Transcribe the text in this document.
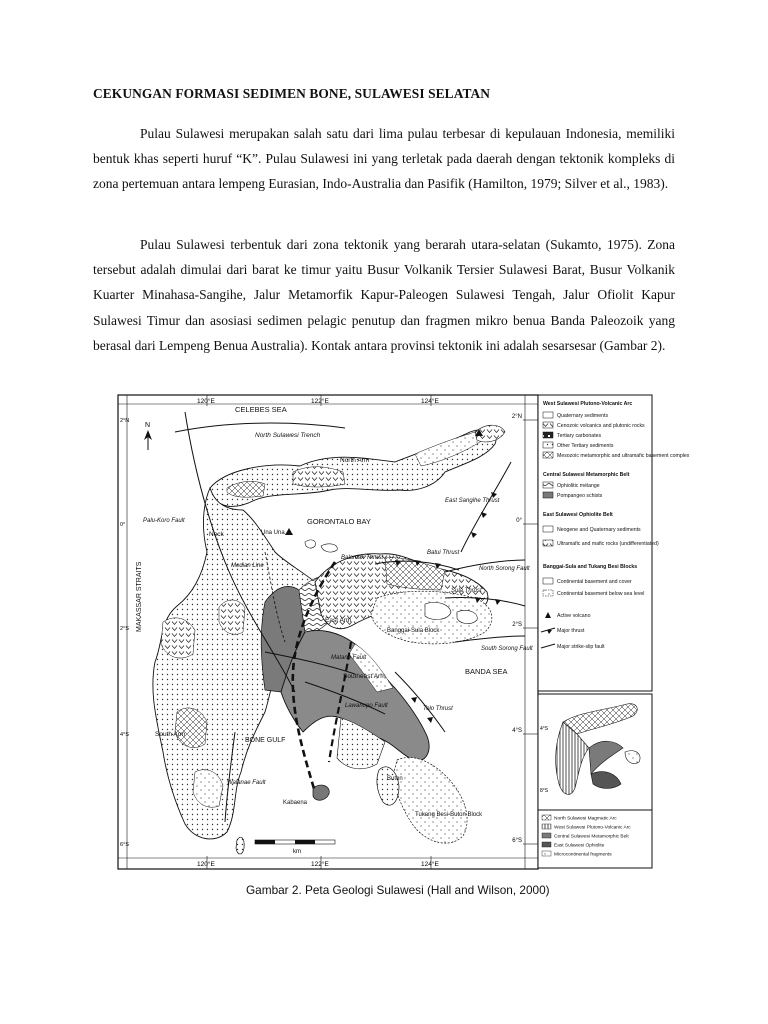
CEKUNGAN FORMASI SEDIMEN BONE, SULAWESI SELATAN
Pulau Sulawesi merupakan salah satu dari lima pulau terbesar di kepulauan Indonesia, memiliki bentuk khas seperti huruf “K”. Pulau Sulawesi ini yang terletak pada daerah dengan tektonik kompleks di zona pertemuan antara lempeng Eurasian, Indo-Australia dan Pasifik (Hamilton, 1979; Silver et al., 1983).
Pulau Sulawesi terbentuk dari zona tektonik yang berarah utara-selatan (Sukamto, 1975). Zona tersebut adalah dimulai dari barat ke timur yaitu Busur Volkanik Tersier Sulawesi Barat, Busur Volkanik Kuarter Minahasa-Sangihe, Jalur Metamorfik Kapur-Paleogen Sulawesi Tengah, Jalur Ofiolit Kapur Sulawesi Timur dan asosiasi sedimen pelagic penutup dan fragmen mikro benua Banda Paleozoik yang berasal dari Lempeng Benua Australia). Kontak antara provinsi tektonik ini adalah sesarsesar (Gambar 2).
120°E	122°E	124°E
120°E	122°E	124°E
2°N
0°
2°S
4°S
6°S
2°N
0°
2°S
4°S
6°S
N
km
CELEBES SEA
North Sulawesi Trench
North Arm
Palu-Koro Fault
Neck	Una Una
GORONTALO BAY
East Sangihe Thrust
MAKASSAR STRAITS	Median Line
Balantak Thrust
Batui Thrust
North Sorong Fault
Sula Thrust
East Arm
Banggai-Sula Block
Matano Fault
Southeast Arm
South Sorong Fault
BANDA SEA
Lawanopo Fault	Tolo Thrust
South Arm
BONE GULF
Walanae Fault
Buton
Kabaena
Tukang Besi-Buton Block
West Sulawesi Plutono-Volcanic Arc
Quaternary sediments
Cenozoic volcanics and plutonic rocks
Tertiary carbonates
Other Tertiary sediments
Mesozoic metamorphic and ultramafic basement complex
Central Sulawesi Metamorphic Belt
Ophiolitic mélange
Pompangeo schists
East Sulawesi Ophiolite Belt
Neogene and Quaternary sediments
Ultramafic and mafic rocks (undifferentiated)
Banggai-Sula and Tukang Besi Blocks
Continental basement and cover
Continental basement below sea level
Active volcano
Major thrust
Major strike-slip fault
4°S
8°S
North Sulawesi Magmatic Arc
West Sulawesi Plutono-Volcanic Arc
Central Sulawesi Metamorphic Belt
East Sulawesi Ophiolite
Microcontinental fragments
Gambar 2. Peta Geologi Sulawesi (Hall and Wilson, 2000)
